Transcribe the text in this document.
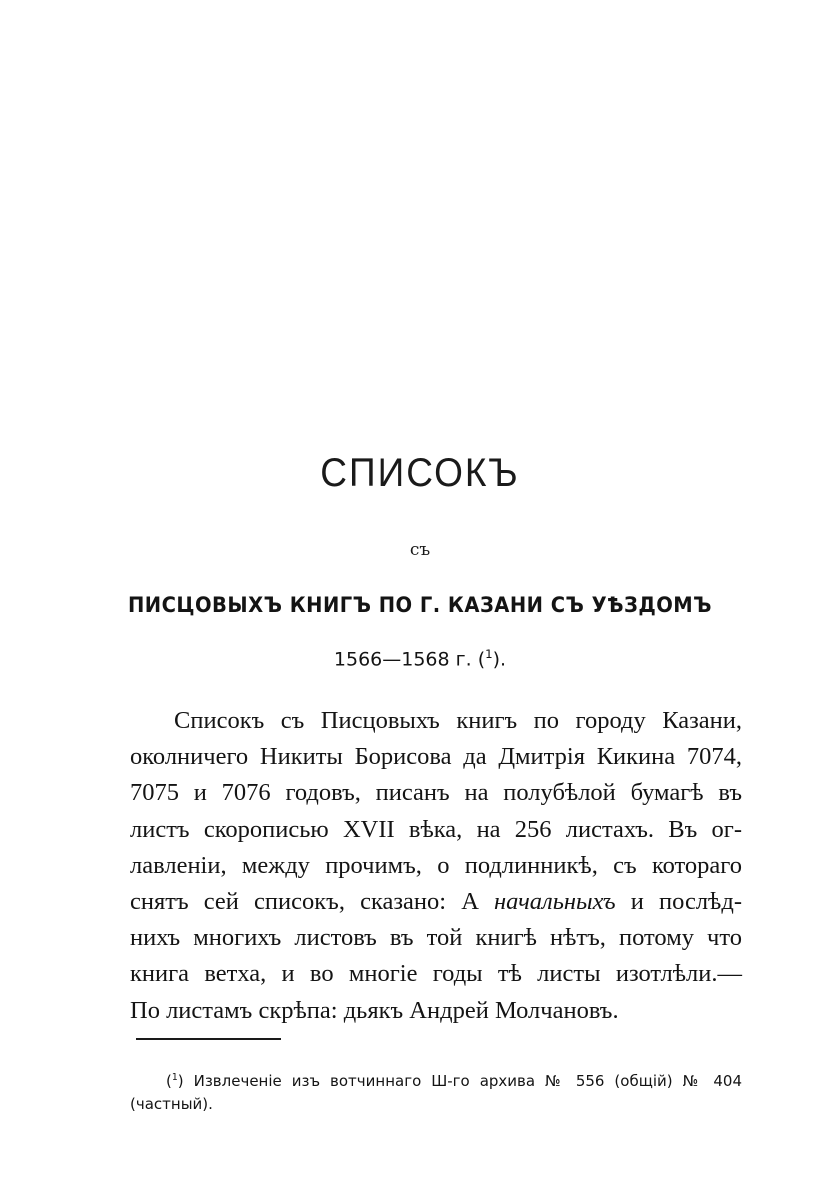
СПИСОКЪ
съ
ПИСЦОВЫХЪ КНИГЪ ПО Г. КАЗАНИ СЪ УѢЗДОМЪ
1566—1568 г. ($^1$).
Списокъ съ Писцовыхъ книгъ по городу Казани,
околничего Никиты Борисова да Дмитрія Кикина 7074,
7075 и 7076 годовъ, писанъ на полубѣлой бумагѣ въ
листъ скорописью XVII вѣка, на 256 листахъ. Въ ог-
лавленіи, между прочимъ, о подлинникѣ, съ котораго
снятъ сей списокъ, сказано: А начальныхъ и послѣд-
нихъ многихъ листовъ въ той книгѣ нѣтъ, потому что
книга ветха, и во многіе годы тѣ листы изотлѣли.—
По листамъ скрѣпа: дьякъ Андрей Молчановъ.
($^1$) Извлеченіе изъ вотчиннаго Ш-го архива № 556 (общій) № 404
(частный).
